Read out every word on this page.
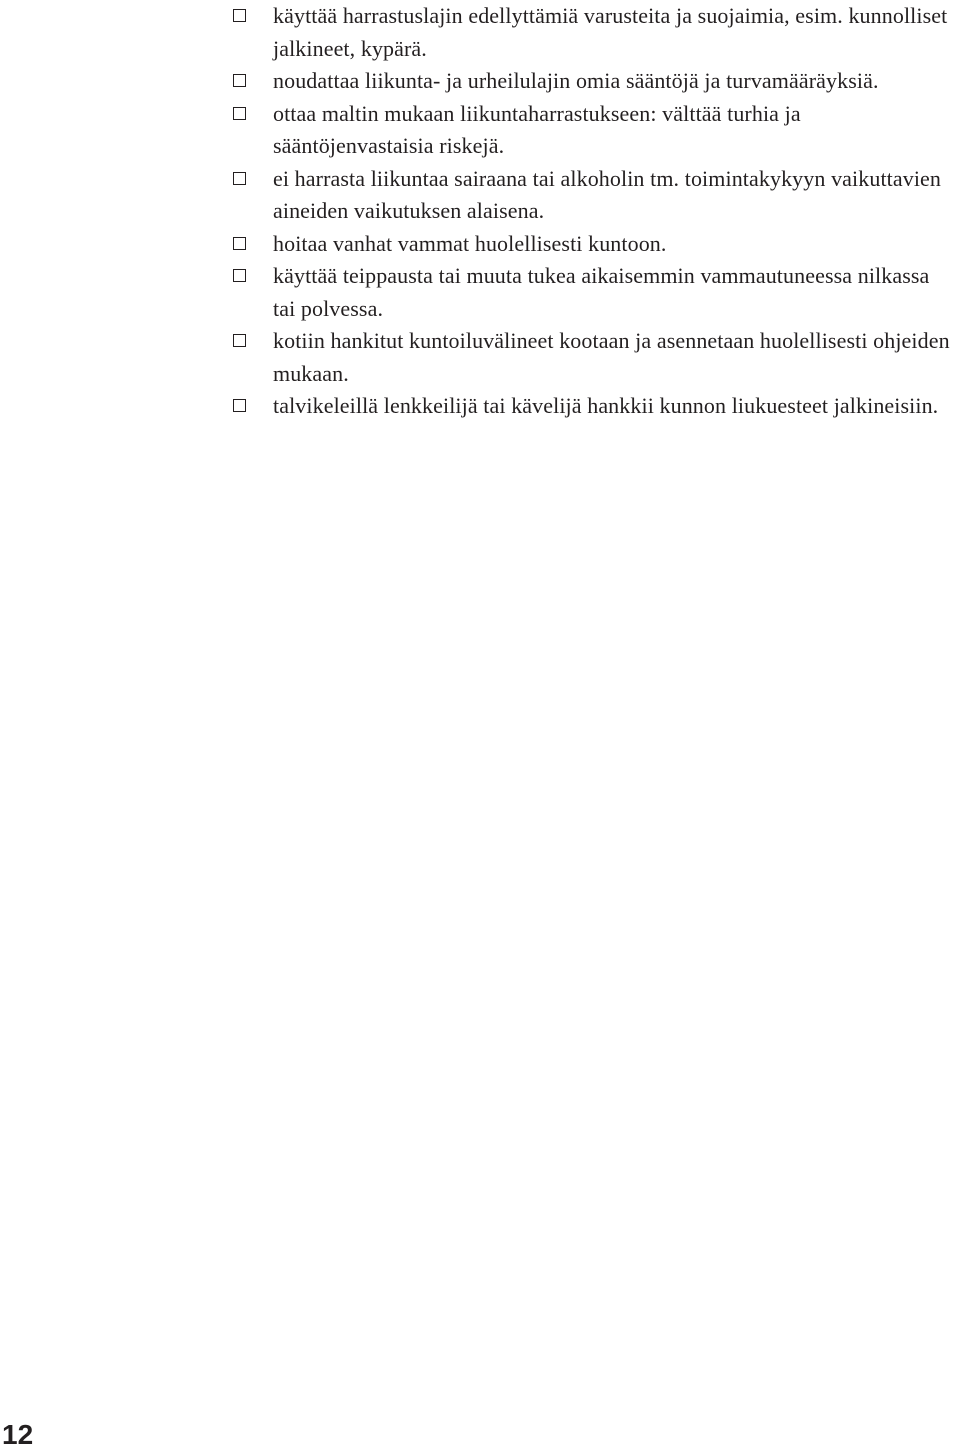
käyttää harrastuslajin edellyttämiä varusteita ja suojaimia, esim. kunnolliset jalkineet, kypärä.
noudattaa liikunta- ja urheilulajin omia sääntöjä ja turvamääräyksiä.
ottaa maltin mukaan liikuntaharrastukseen: välttää turhia ja sääntöjenvastaisia riskejä.
ei harrasta liikuntaa sairaana tai alkoholin tm. toimintakykyyn vaikuttavien aineiden vaikutuksen alaisena.
hoitaa vanhat vammat huolellisesti kuntoon.
käyttää teippausta tai muuta tukea aikaisemmin vammautuneessa nilkassa tai polvessa.
kotiin hankitut kuntoiluvälineet kootaan ja asennetaan huolellisesti ohjeiden mukaan.
talvikeleillä lenkkeilijä tai kävelijä hankkii kunnon liukuesteet jalkineisiin.
12
